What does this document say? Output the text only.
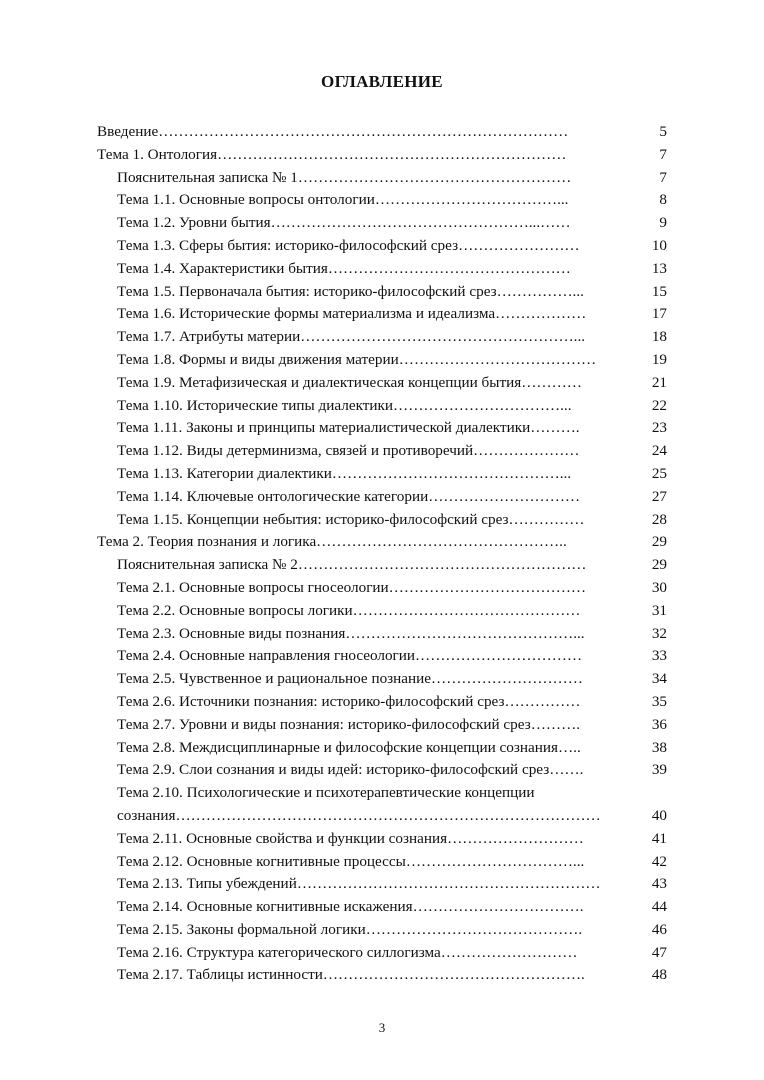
ОГЛАВЛЕНИЕ
Введение………………………………………………………………………	5
Тема 1. Онтология……………………………………………………………	7
Пояснительная записка № 1………………………………………………	7
Тема 1.1. Основные вопросы онтологии………………………………...	8
Тема 1.2. Уровни бытия……………………………………………...……	9
Тема 1.3. Сферы бытия: историко-философский срез……………………	10
Тема 1.4. Характеристики бытия…………………………………………	13
Тема 1.5. Первоначала бытия: историко-философский срез……………...	15
Тема 1.6. Исторические формы материализма и идеализма………………	17
Тема 1.7. Атрибуты материи………………………………………………...	18
Тема 1.8. Формы и виды движения материи…………………………………	19
Тема 1.9. Метафизическая и диалектическая концепции бытия…………	21
Тема 1.10. Исторические типы диалектики……………………………...	22
Тема 1.11. Законы и принципы материалистической диалектики……….	23
Тема 1.12. Виды детерминизма, связей и противоречий…………………	24
Тема 1.13. Категории диалектики………………………………………...	25
Тема 1.14. Ключевые онтологические категории…………………………	27
Тема 1.15. Концепции небытия: историко-философский срез……………	28
Тема 2. Теория познания и логика…………………………………………..	29
Пояснительная записка № 2…………………………………………………	29
Тема 2.1. Основные вопросы гносеологии…………………………………	30
Тема 2.2. Основные вопросы логики………………………………………	31
Тема 2.3. Основные виды познания………………………………………...	32
Тема 2.4. Основные направления гносеологии……………………………	33
Тема 2.5. Чувственное и рациональное познание…………………………	34
Тема 2.6. Источники познания: историко-философский срез……………	35
Тема 2.7. Уровни и виды познания: историко-философский срез……….	36
Тема 2.8. Междисциплинарные и философские концепции сознания…..	38
Тема 2.9. Слои сознания и виды идей: историко-философский срез…….	39
Тема 2.10. Психологические и психотерапевтические концепции
сознания…………………………………………………………………………	40
Тема 2.11. Основные свойства и функции сознания………………………	41
Тема 2.12. Основные когнитивные процессы……………………………...	42
Тема 2.13. Типы убеждений……………………………………………………	43
Тема 2.14. Основные когнитивные искажения…………………………….	44
Тема 2.15. Законы формальной логики…………………………………….	46
Тема 2.16. Структура категорического силлогизма………………………	47
Тема 2.17. Таблицы истинности…………………………………………….	48
3
